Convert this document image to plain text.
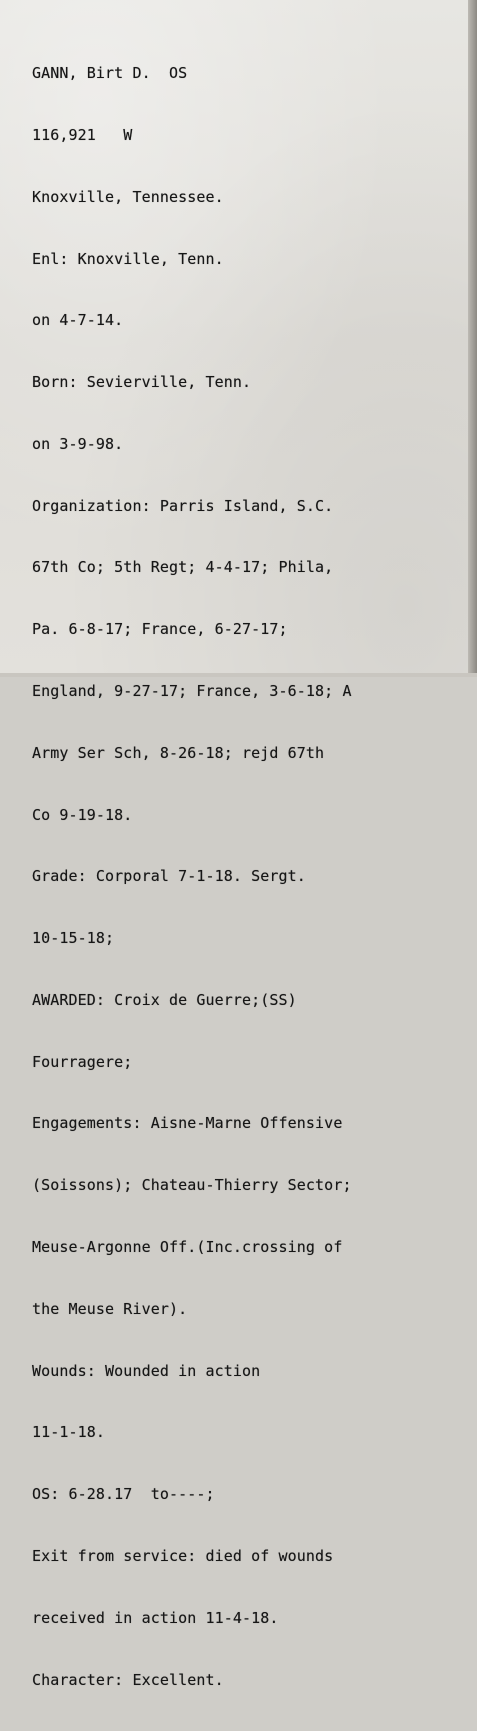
GANN, Birt D.  OS

116,921   W

Knoxville, Tennessee.

Enl: Knoxville, Tenn.

on 4-7-14.

Born: Sevierville, Tenn.

on 3-9-98.

Organization: Parris Island, S.C.

67th Co; 5th Regt; 4-4-17; Phila,

Pa. 6-8-17; France, 6-27-17;

England, 9-27-17; France, 3-6-18; A

Army Ser Sch, 8-26-18; rejd 67th

Co 9-19-18.

Grade: Corporal 7-1-18. Sergt.

10-15-18;

AWARDED: Croix de Guerre;(SS)

Fourragere;

Engagements: Aisne-Marne Offensive

(Soissons); Chateau-Thierry Sector;

Meuse-Argonne Off.(Inc.crossing of

the Meuse River).

Wounds: Wounded in action

11-1-18.

OS: 6-28.17  to----;

Exit from service: died of wounds

received in action 11-4-18.

Character: Excellent.
